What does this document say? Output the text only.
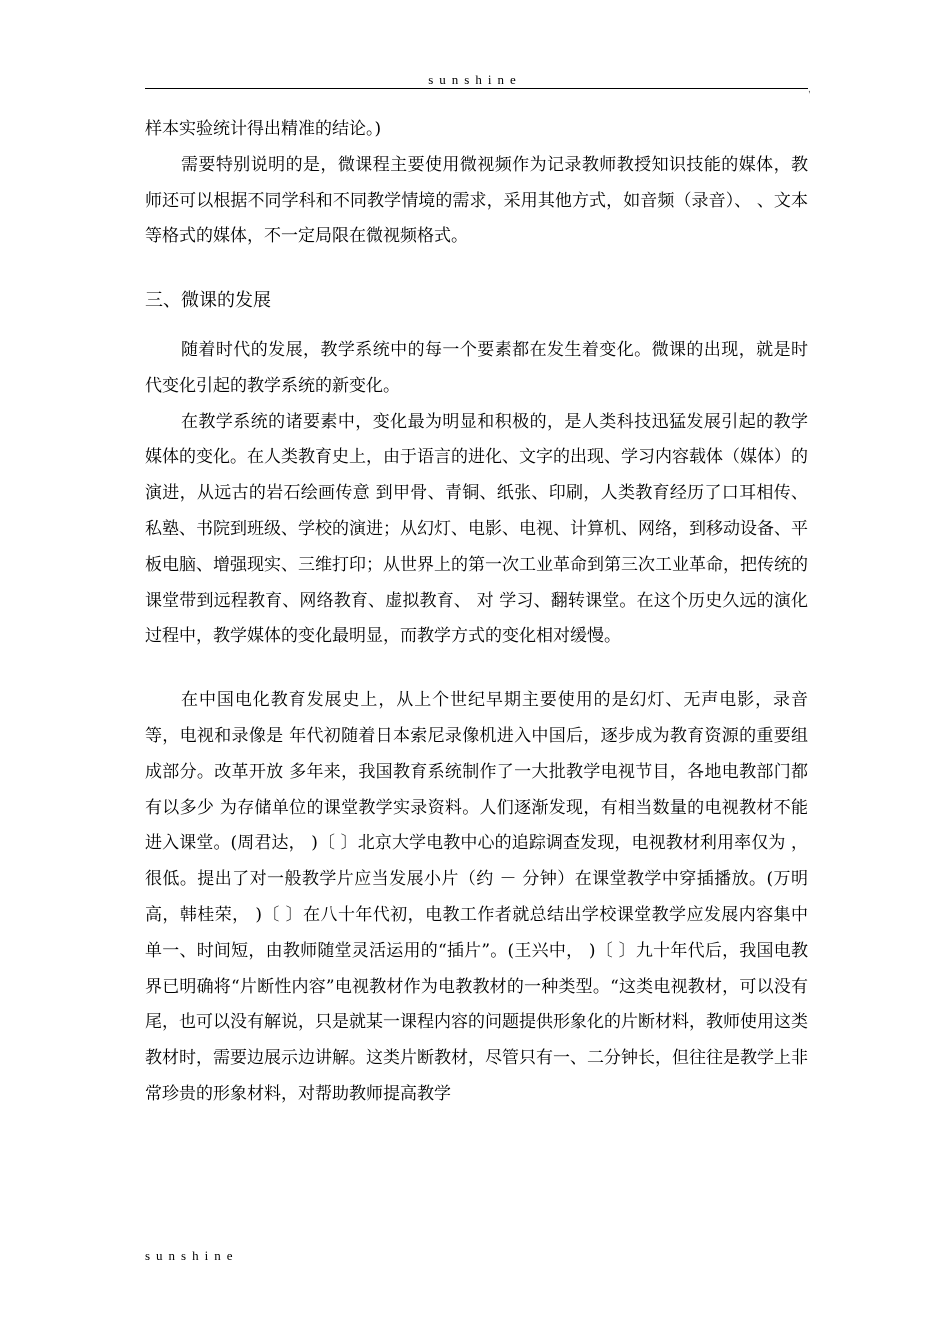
sunshine
,

样本实验统计得出精准的结论。)

需要特别说明的是，微课程主要使用微视频作为记录教师教授知识技能的媒体，教师还可以根据不同学科和不同教学情境的需求，采用其他方式，如音频（录音）、 、文本等格式的媒体，不一定局限在微视频格式。

三、微课的发展

随着时代的发展，教学系统中的每一个要素都在发生着变化。微课的出现，就是时代变化引起的教学系统的新变化。

在教学系统的诸要素中，变化最为明显和积极的，是人类科技迅猛发展引起的教学媒体的变化。在人类教育史上，由于语言的进化、文字的出现、学习内容载体（媒体）的演进，从远古的岩石绘画传意 到甲骨、青铜、纸张、印刷，人类教育经历了口耳相传、私塾、书院到班级、学校的演进；从幻灯、电影、电视、计算机、网络，到移动设备、平板电脑、增强现实、三维打印；从世界上的第一次工业革命到第三次工业革命，把传统的课堂带到远程教育、网络教育、虚拟教育、 对 学习、翻转课堂。在这个历史久远的演化过程中，教学媒体的变化最明显，而教学方式的变化相对缓慢。

在中国电化教育发展史上，从上个世纪早期主要使用的是幻灯、无声电影，录音等，电视和录像是 年代初随着日本索尼录像机进入中国后，逐步成为教育资源的重要组成部分。改革开放 多年来，我国教育系统制作了一大批教学电视节目，各地电教部门都有以多少 为存储单位的课堂教学实录资料。人们逐渐发现，有相当数量的电视教材不能进入课堂。(周君达， )〔 〕北京大学电教中心的追踪调查发现，电视教材利用率仅为 ，很低。提出了对一般教学片应当发展小片（约 － 分钟）在课堂教学中穿插播放。(万明高，韩桂荣， )〔 〕在八十年代初，电教工作者就总结出学校课堂教学应发展内容集中单一、时间短，由教师随堂灵活运用的“插片”。(王兴中， )〔 〕九十年代后，我国电教界已明确将“片断性内容”电视教材作为电教教材的一种类型。“这类电视教材，可以没有尾，也可以没有解说，只是就某一课程内容的问题提供形象化的片断材料，教师使用这类教材时，需要边展示边讲解。这类片断教材，尽管只有一、二分钟长，但往往是教学上非常珍贵的形象材料，对帮助教师提高教学

sunshine
